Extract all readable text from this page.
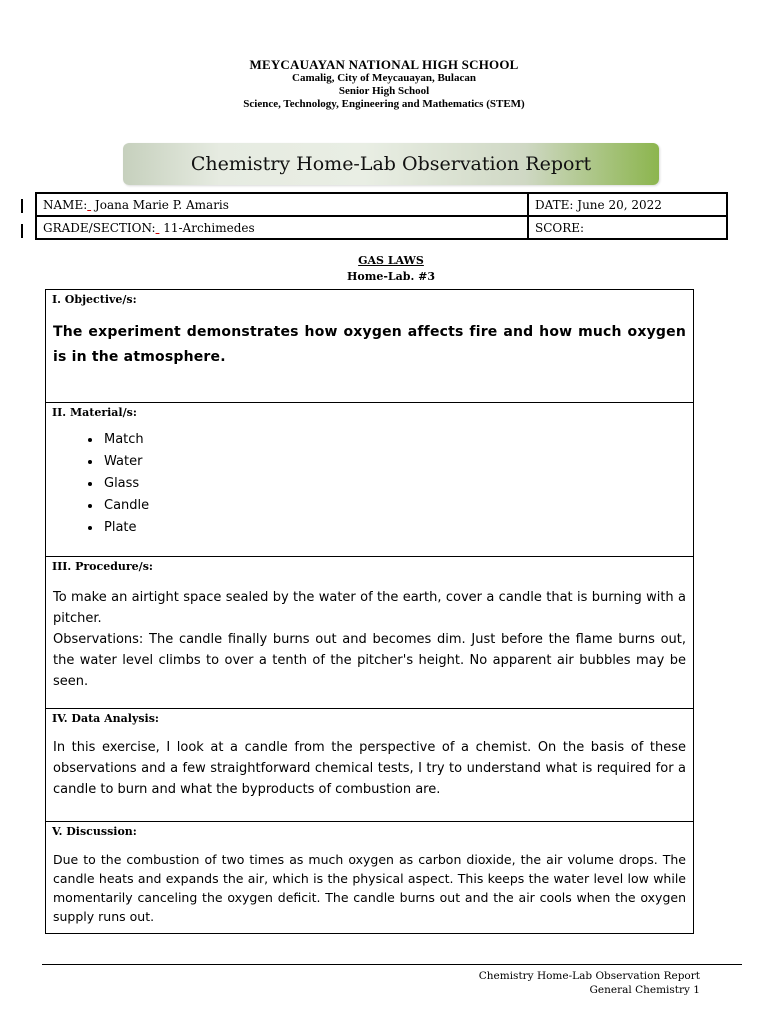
MEYCAUAYAN NATIONAL HIGH SCHOOL
Camalig, City of Meycauayan, Bulacan
Senior High School
Science, Technology, Engineering and Mathematics (STEM)
Chemistry Home-Lab Observation Report
NAME:  Joana Marie P. Amaris	DATE: June 20, 2022
GRADE/SECTION:  11-Archimedes	SCORE:
GAS LAWS
Home-Lab. #3
I. Objective/s:
The experiment demonstrates how oxygen affects fire and how much oxygen is in the atmosphere.
II. Material/s:
• Match
• Water
• Glass
• Candle
• Plate
III. Procedure/s:
To make an airtight space sealed by the water of the earth, cover a candle that is burning with a pitcher.
Observations: The candle finally burns out and becomes dim. Just before the flame burns out, the water level climbs to over a tenth of the pitcher's height. No apparent air bubbles may be seen.
IV. Data Analysis:
In this exercise, I look at a candle from the perspective of a chemist. On the basis of these observations and a few straightforward chemical tests, I try to understand what is required for a candle to burn and what the byproducts of combustion are.
V. Discussion:
Due to the combustion of two times as much oxygen as carbon dioxide, the air volume drops. The candle heats and expands the air, which is the physical aspect. This keeps the water level low while momentarily canceling the oxygen deficit. The candle burns out and the air cools when the oxygen supply runs out.
Chemistry Home-Lab Observation Report
General Chemistry 1
